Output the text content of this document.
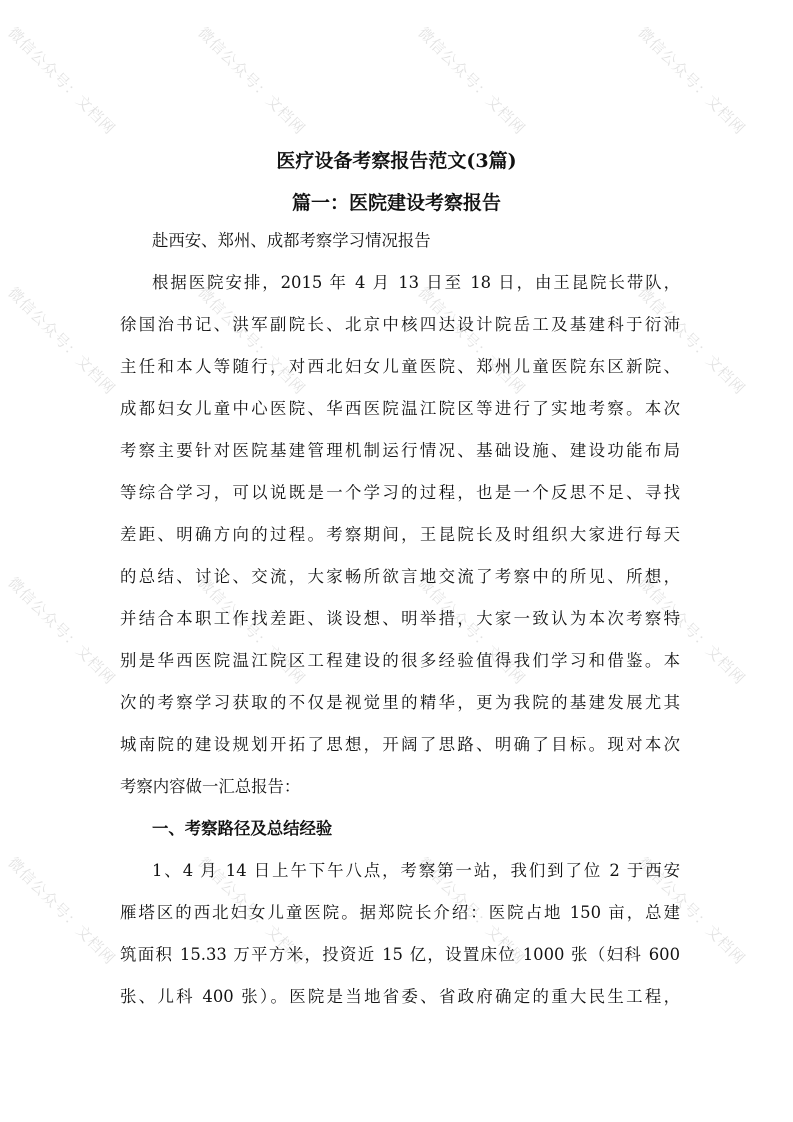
微信公众号：文档网	微信公众号：文档网	微信公众号：文档网	微信公众号：文档网
微信公众号：文档网	微信公众号：文档网	微信公众号：文档网	微信公众号：文档网
微信公众号：文档网	微信公众号：文档网	微信公众号：文档网	微信公众号：文档网
微信公众号：文档网	微信公众号：文档网	微信公众号：文档网	微信公众号：文档网
医疗设备考察报告范文(3篇)
篇一：医院建设考察报告
赴西安、郑州、成都考察学习情况报告
根据医院安排，2015 年 4 月 13 日至 18 日，由王昆院长带队，
徐国治书记、洪军副院长、北京中核四达设计院岳工及基建科于衍沛
主任和本人等随行，对西北妇女儿童医院、郑州儿童医院东区新院、
成都妇女儿童中心医院、华西医院温江院区等进行了实地考察。本次
考察主要针对医院基建管理机制运行情况、基础设施、建设功能布局
等综合学习，可以说既是一个学习的过程，也是一个反思不足、寻找
差距、明确方向的过程。考察期间，王昆院长及时组织大家进行每天
的总结、讨论、交流，大家畅所欲言地交流了考察中的所见、所想，
并结合本职工作找差距、谈设想、明举措，大家一致认为本次考察特
别是华西医院温江院区工程建设的很多经验值得我们学习和借鉴。本
次的考察学习获取的不仅是视觉里的精华，更为我院的基建发展尤其
城南院的建设规划开拓了思想，开阔了思路、明确了目标。现对本次
考察内容做一汇总报告：
一、考察路径及总结经验
1、4 月 14 日上午下午八点，考察第一站，我们到了位 2 于西安
雁塔区的西北妇女儿童医院。据郑院长介绍：医院占地 150 亩，总建
筑面积 15.33 万平方米，投资近 15 亿，设置床位 1000 张（妇科 600
张、儿科 400 张）。医院是当地省委、省政府确定的重大民生工程，
